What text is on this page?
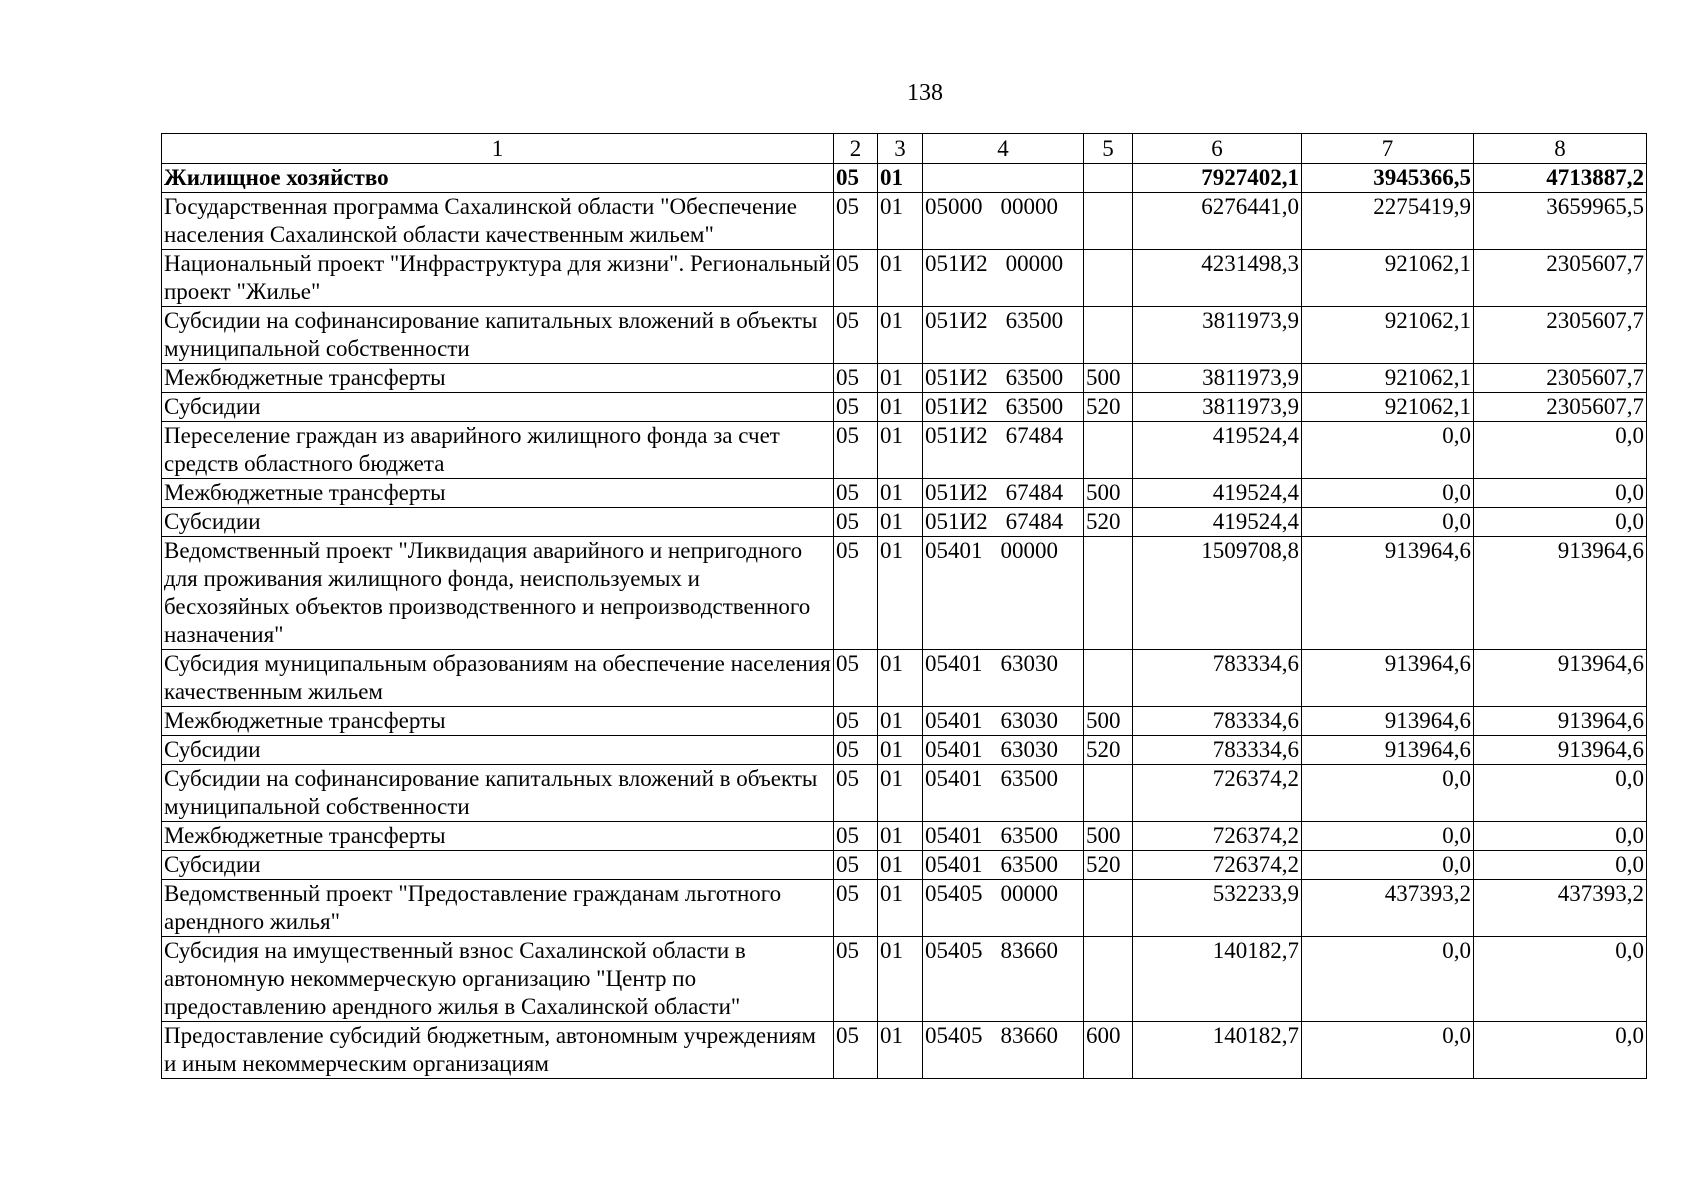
138
1	2	3	4	5	6	7	8
Жилищное хозяйство	05	01			7927402,1	3945366,5	4713887,2
Государственная программа Сахалинской области "Обеспечение населения Сахалинской области качественным жильем"	05	01	05000 00000		6276441,0	2275419,9	3659965,5
Национальный проект "Инфраструктура для жизни". Региональный проект "Жилье"	05	01	051И2 00000		4231498,3	921062,1	2305607,7
Субсидии на софинансирование капитальных вложений в объекты муниципальной собственности	05	01	051И2 63500		3811973,9	921062,1	2305607,7
Межбюджетные трансферты	05	01	051И2 63500	500	3811973,9	921062,1	2305607,7
Субсидии	05	01	051И2 63500	520	3811973,9	921062,1	2305607,7
Переселение граждан из аварийного жилищного фонда за счет средств областного бюджета	05	01	051И2 67484		419524,4	0,0	0,0
Межбюджетные трансферты	05	01	051И2 67484	500	419524,4	0,0	0,0
Субсидии	05	01	051И2 67484	520	419524,4	0,0	0,0
Ведомственный проект "Ликвидация аварийного и непригодного для проживания жилищного фонда, неиспользуемых и бесхозяйных объектов производственного и непроизводственного назначения"	05	01	05401 00000		1509708,8	913964,6	913964,6
Субсидия муниципальным образованиям на обеспечение населения качественным жильем	05	01	05401 63030		783334,6	913964,6	913964,6
Межбюджетные трансферты	05	01	05401 63030	500	783334,6	913964,6	913964,6
Субсидии	05	01	05401 63030	520	783334,6	913964,6	913964,6
Субсидии на софинансирование капитальных вложений в объекты муниципальной собственности	05	01	05401 63500		726374,2	0,0	0,0
Межбюджетные трансферты	05	01	05401 63500	500	726374,2	0,0	0,0
Субсидии	05	01	05401 63500	520	726374,2	0,0	0,0
Ведомственный проект "Предоставление гражданам льготного арендного жилья"	05	01	05405 00000		532233,9	437393,2	437393,2
Субсидия на имущественный взнос Сахалинской области в автономную некоммерческую организацию "Центр по предоставлению арендного жилья в Сахалинской области"	05	01	05405 83660		140182,7	0,0	0,0
Предоставление субсидий бюджетным, автономным учреждениям и иным некоммерческим организациям	05	01	05405 83660	600	140182,7	0,0	0,0
